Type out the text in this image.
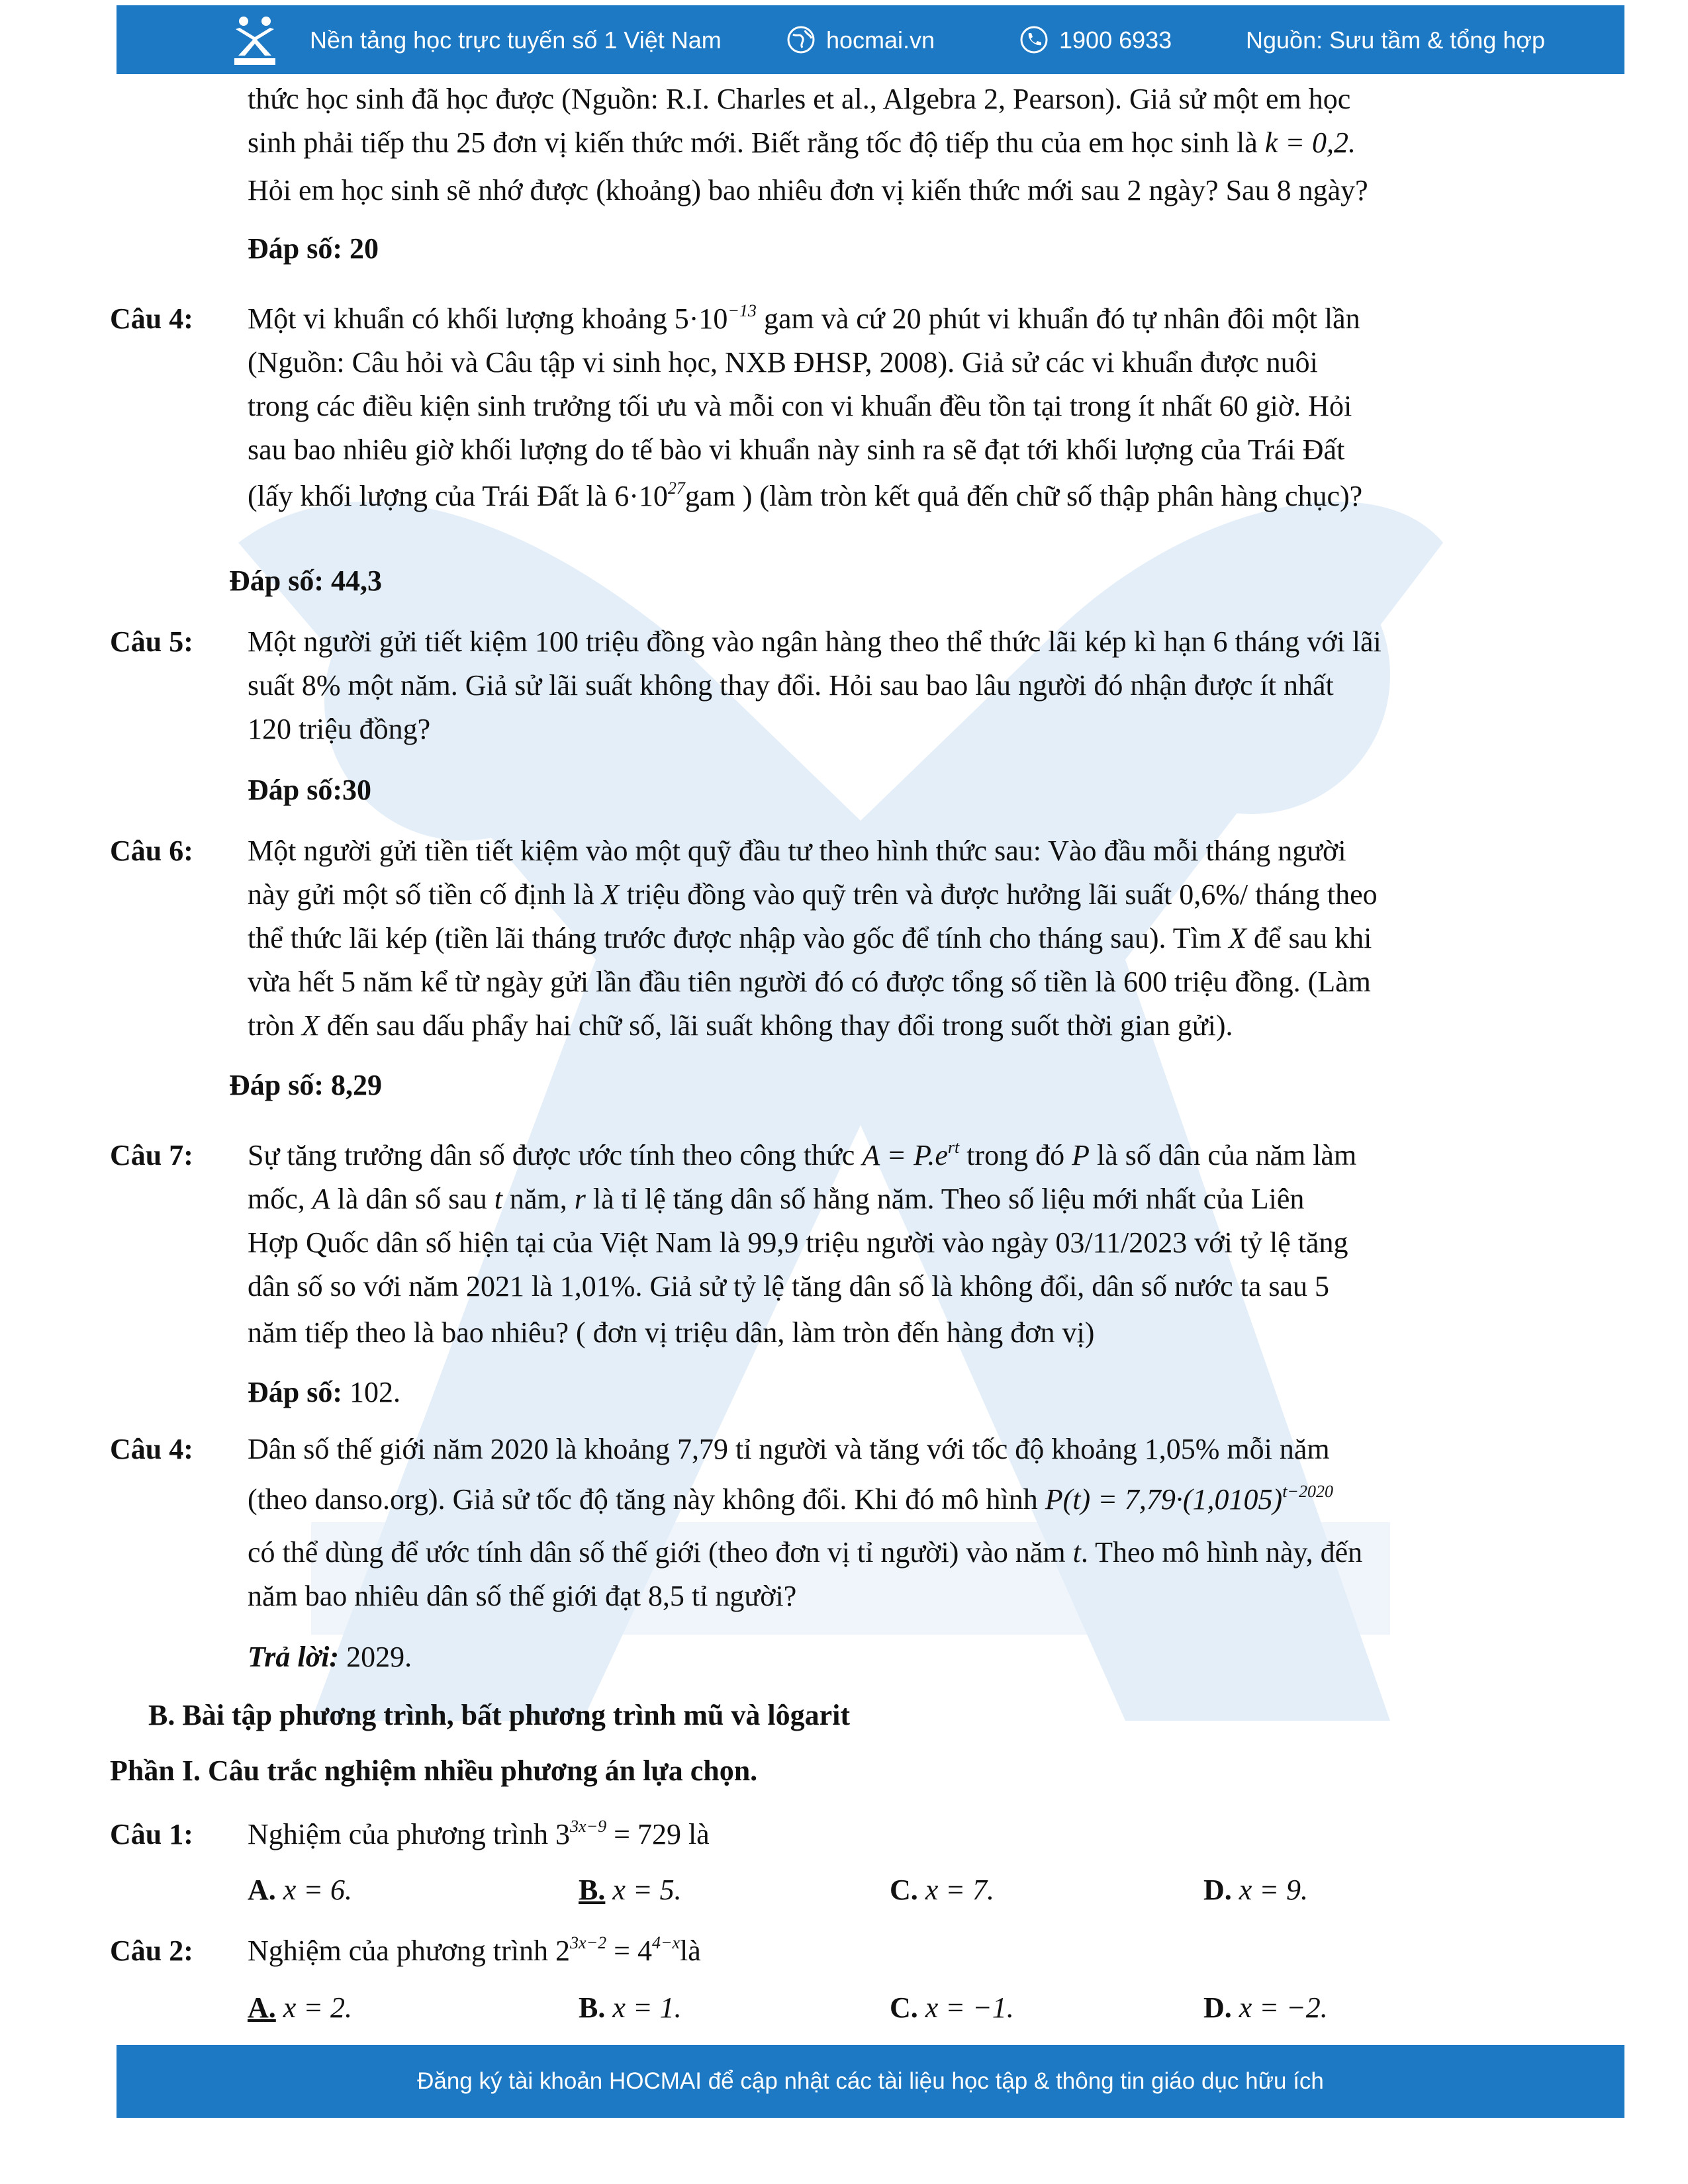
Nền tảng học trực tuyến số 1 Việt Nam	hocmai.vn	1900 6933	Nguồn: Sưu tầm & tổng hợp
thức học sinh đã học được (Nguồn: R.I. Charles et al., Algebra 2, Pearson). Giả sử một em học
sinh phải tiếp thu 25 đơn vị kiến thức mới. Biết rằng tốc độ tiếp thu của em học sinh là k = 0,2.
Hỏi em học sinh sẽ nhớ được (khoảng) bao nhiêu đơn vị kiến thức mới sau 2 ngày? Sau 8 ngày?
Đáp số: 20
Câu 4: Một vi khuẩn có khối lượng khoảng $5\cdot 10^{-13}$ gam và cứ 20 phút vi khuẩn đó tự nhân đôi một lần
(Nguồn: Câu hỏi và Câu tập vi sinh học, NXB ĐHSP, 2008). Giả sử các vi khuẩn được nuôi
trong các điều kiện sinh trưởng tối ưu và mỗi con vi khuẩn đều tồn tại trong ít nhất 60 giờ. Hỏi
sau bao nhiêu giờ khối lượng do tế bào vi khuẩn này sinh ra sẽ đạt tới khối lượng của Trái Đất
(lấy khối lượng của Trái Đất là $6\cdot 10^{27}gam$ ) (làm tròn kết quả đến chữ số thập phân hàng chục)?
Đáp số: 44,3
Câu 5: Một người gửi tiết kiệm 100 triệu đồng vào ngân hàng theo thể thức lãi kép kì hạn 6 tháng với lãi
suất 8% một năm. Giả sử lãi suất không thay đổi. Hỏi sau bao lâu người đó nhận được ít nhất
120 triệu đồng?
Đáp số:30
Câu 6: Một người gửi tiền tiết kiệm vào một quỹ đầu tư theo hình thức sau: Vào đầu mỗi tháng người
này gửi một số tiền cố định là X triệu đồng vào quỹ trên và được hưởng lãi suất 0,6%/ tháng theo
thể thức lãi kép (tiền lãi tháng trước được nhập vào gốc để tính cho tháng sau). Tìm X để sau khi
vừa hết 5 năm kể từ ngày gửi lần đầu tiên người đó có được tổng số tiền là 600 triệu đồng. (Làm
tròn X đến sau dấu phẩy hai chữ số, lãi suất không thay đổi trong suốt thời gian gửi).
Đáp số: 8,29
Câu 7: Sự tăng trưởng dân số được ước tính theo công thức $A = P.e^{rt}$ trong đó P là số dân của năm làm
mốc, A là dân số sau t năm, r là tỉ lệ tăng dân số hằng năm. Theo số liệu mới nhất của Liên
Hợp Quốc dân số hiện tại của Việt Nam là 99,9 triệu người vào ngày 03/11/2023 với tỷ lệ tăng
dân số so với năm 2021 là 1,01%. Giả sử tỷ lệ tăng dân số là không đổi, dân số nước ta sau 5
năm tiếp theo là bao nhiêu? ( đơn vị triệu dân, làm tròn đến hàng đơn vị)
Đáp số: 102.
Câu 4: Dân số thế giới năm 2020 là khoảng 7,79 tỉ người và tăng với tốc độ khoảng 1,05% mỗi năm
(theo danso.org). Giả sử tốc độ tăng này không đổi. Khi đó mô hình $P(t) = 7,79\cdot(1,0105)^{t-2020}$
có thể dùng để ước tính dân số thế giới (theo đơn vị tỉ người) vào năm t. Theo mô hình này, đến
năm bao nhiêu dân số thế giới đạt 8,5 tỉ người?
Trả lời: 2029.
B. Bài tập phương trình, bất phương trình mũ và lôgarit
Phần I. Câu trắc nghiệm nhiều phương án lựa chọn.
Câu 1: Nghiệm của phương trình $3^{3x-9} = 729$ là
A. x = 6.	B. x = 5.	C. x = 7.	D. x = 9.
Câu 2: Nghiệm của phương trình $2^{3x-2}$ = $4^{4-x}là$
A. x = 2.	B. x = 1.	C. x = −1.	D. x = −2.
Đăng ký tài khoản HOCMAI để cập nhật các tài liệu học tập & thông tin giáo dục hữu ích
